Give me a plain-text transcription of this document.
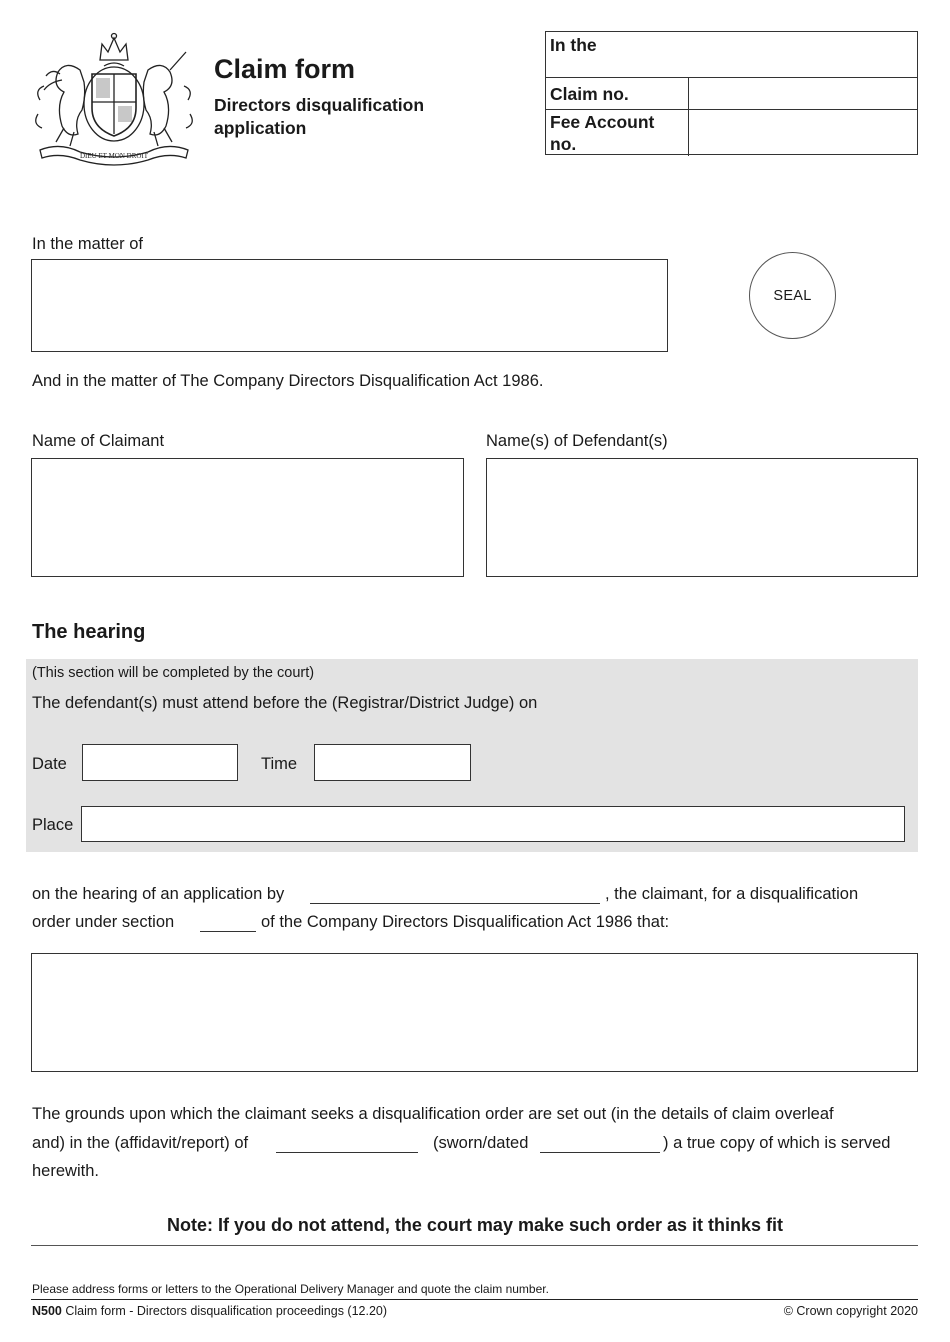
DIEU ET MON DROIT
Claim form
Directors disqualification application
In the
Claim no.
Fee Account no.
In the matter of
SEAL
And in the matter of The Company Directors Disqualification Act 1986.
Name of Claimant	Name(s) of Defendant(s)
The hearing
(This section will be completed by the court)
The defendant(s) must attend before the (Registrar/District Judge) on
Date	Time
Place
on the hearing of an application by	, the claimant, for a disqualification
order under section	of the Company Directors Disqualification Act 1986 that:
The grounds upon which the claimant seeks a disqualification order are set out (in the details of claim overleaf
and) in the (affidavit/report) of	(sworn/dated	) a true copy of which is served
herewith.
Note: If you do not attend, the court may make such order as it thinks fit
Please address forms or letters to the Operational Delivery Manager and quote the claim number.
N500 Claim form - Directors disqualification proceedings (12.20)	© Crown copyright 2020
